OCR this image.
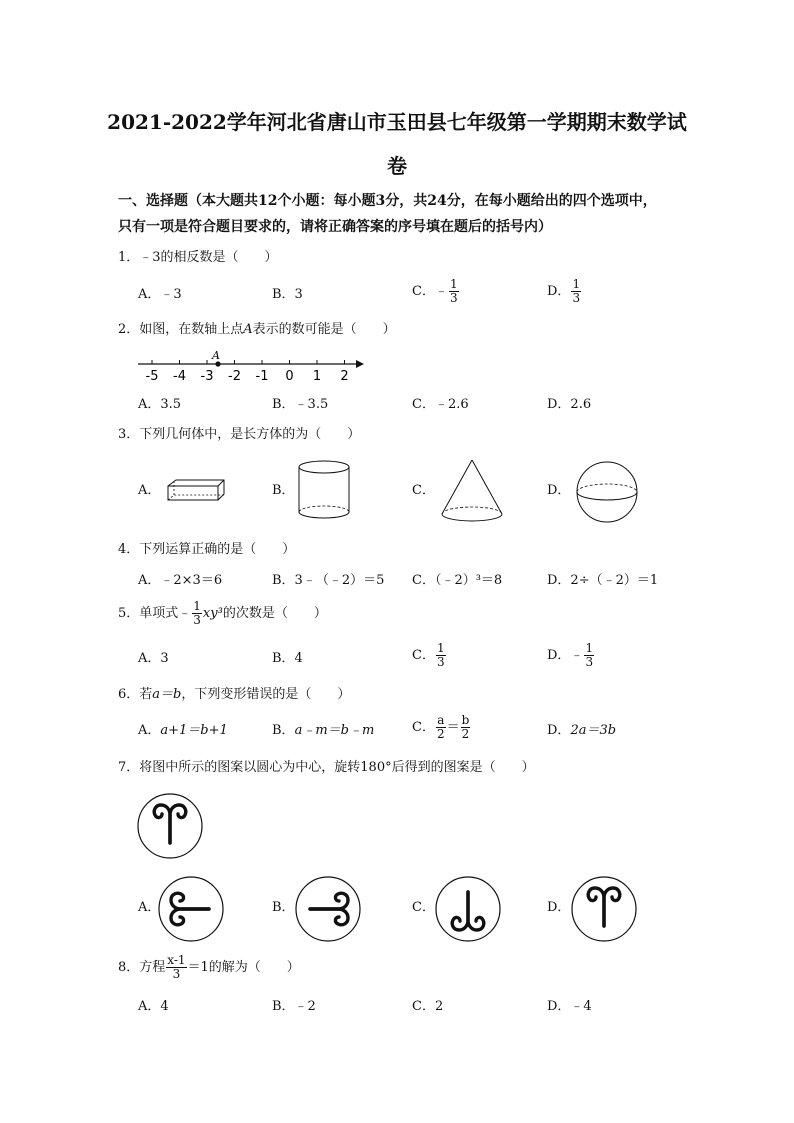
2021-2022学年河北省唐山市玉田县七年级第一学期期末数学试
卷
一、选择题（本大题共12个小题：每小题3分，共24分，在每小题给出的四个选项中，
只有一项是符合题目要求的，请将正确答案的序号填在题后的括号内）
1．﹣3的相反数是（　　）
A．﹣3	B．3	C．﹣ $\frac{1}{3}$	D． $\frac{1}{3}$
2．如图，在数轴上点A表示的数可能是（　　）
-5 -4 -3 -2 -1 0 1 2
A
A．3.5	B．﹣3.5	C．﹣2.6	D．2.6
3．下列几何体中，是长方体的为（　　）
A．	B．	C．	D．
4．下列运算正确的是（　　）
A．﹣2×3＝6	B．3﹣（﹣2）＝5 C．（﹣2）³＝8	D．2÷（﹣2）＝1
5．单项式﹣ $\frac{1}{3} xy^3$的次数是（　　）
A．3	B．4	C． $\frac{1}{3}$	D．﹣ $\frac{1}{3}$
6．若a＝b，下列变形错误的是（　　）
A．a+1＝b+1	B．a﹣m＝b﹣m	C． $\frac{a}{2} = \frac{b}{2}$	D．2a＝3b
7．将图中所示的图案以圆心为中心，旋转180°后得到的图案是（　　）
A．	B．	C．	D．
8．方程 $\frac{x-1}{3} =1$的解为（　　）
A．4	B．﹣2	C．2	D．﹣4
